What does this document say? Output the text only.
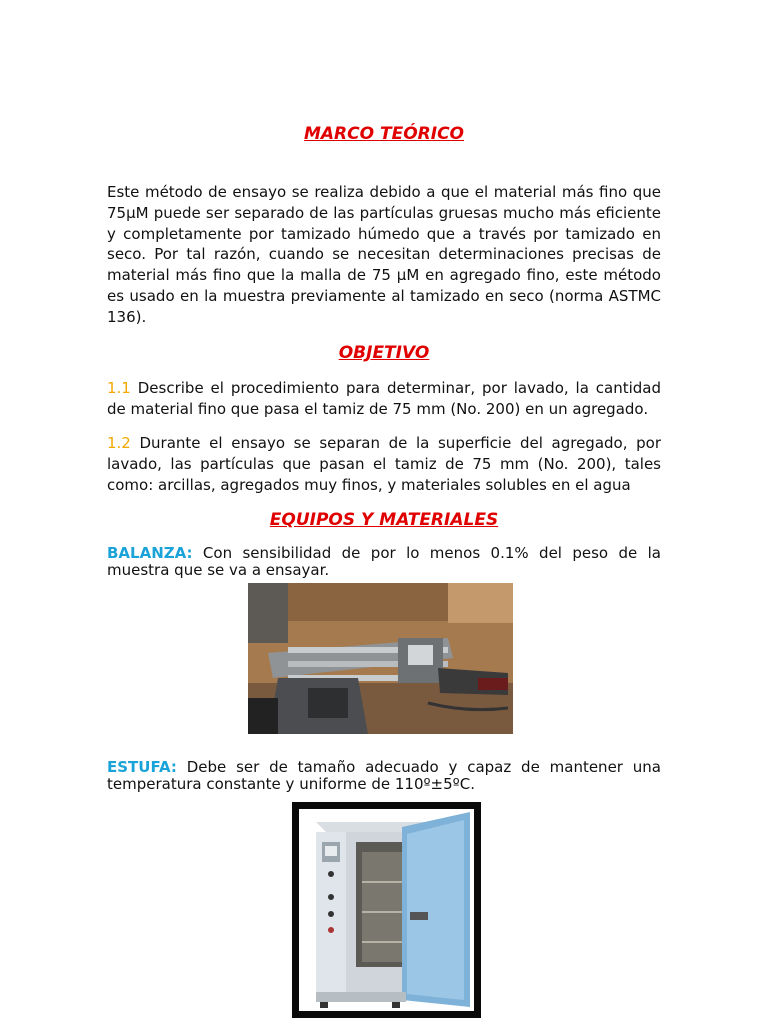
MARCO TEÓRICO

Este método de ensayo se realiza debido a que el material más fino que 75µM puede ser separado de las partículas gruesas mucho más eficiente y completamente por tamizado húmedo que a través por tamizado en seco. Por tal razón, cuando se necesitan determinaciones precisas de material más fino que la malla de 75 µM en agregado fino, este método es usado en la muestra previamente al tamizado en seco (norma ASTMC 136).

OBJETIVO

1.1 Describe el procedimiento para determinar, por lavado, la cantidad de material fino que pasa el tamiz de 75 mm (No. 200) en un agregado.

1.2 Durante el ensayo se separan de la superficie del agregado, por lavado, las partículas que pasan el tamiz de 75 mm (No. 200), tales como: arcillas, agregados muy finos, y materiales solubles en el agua

EQUIPOS Y MATERIALES

BALANZA: Con sensibilidad de por lo menos 0.1% del peso de la muestra que se va a ensayar.

ESTUFA: Debe ser de tamaño adecuado y capaz de mantener una temperatura constante y uniforme de 110º±5ºC.
